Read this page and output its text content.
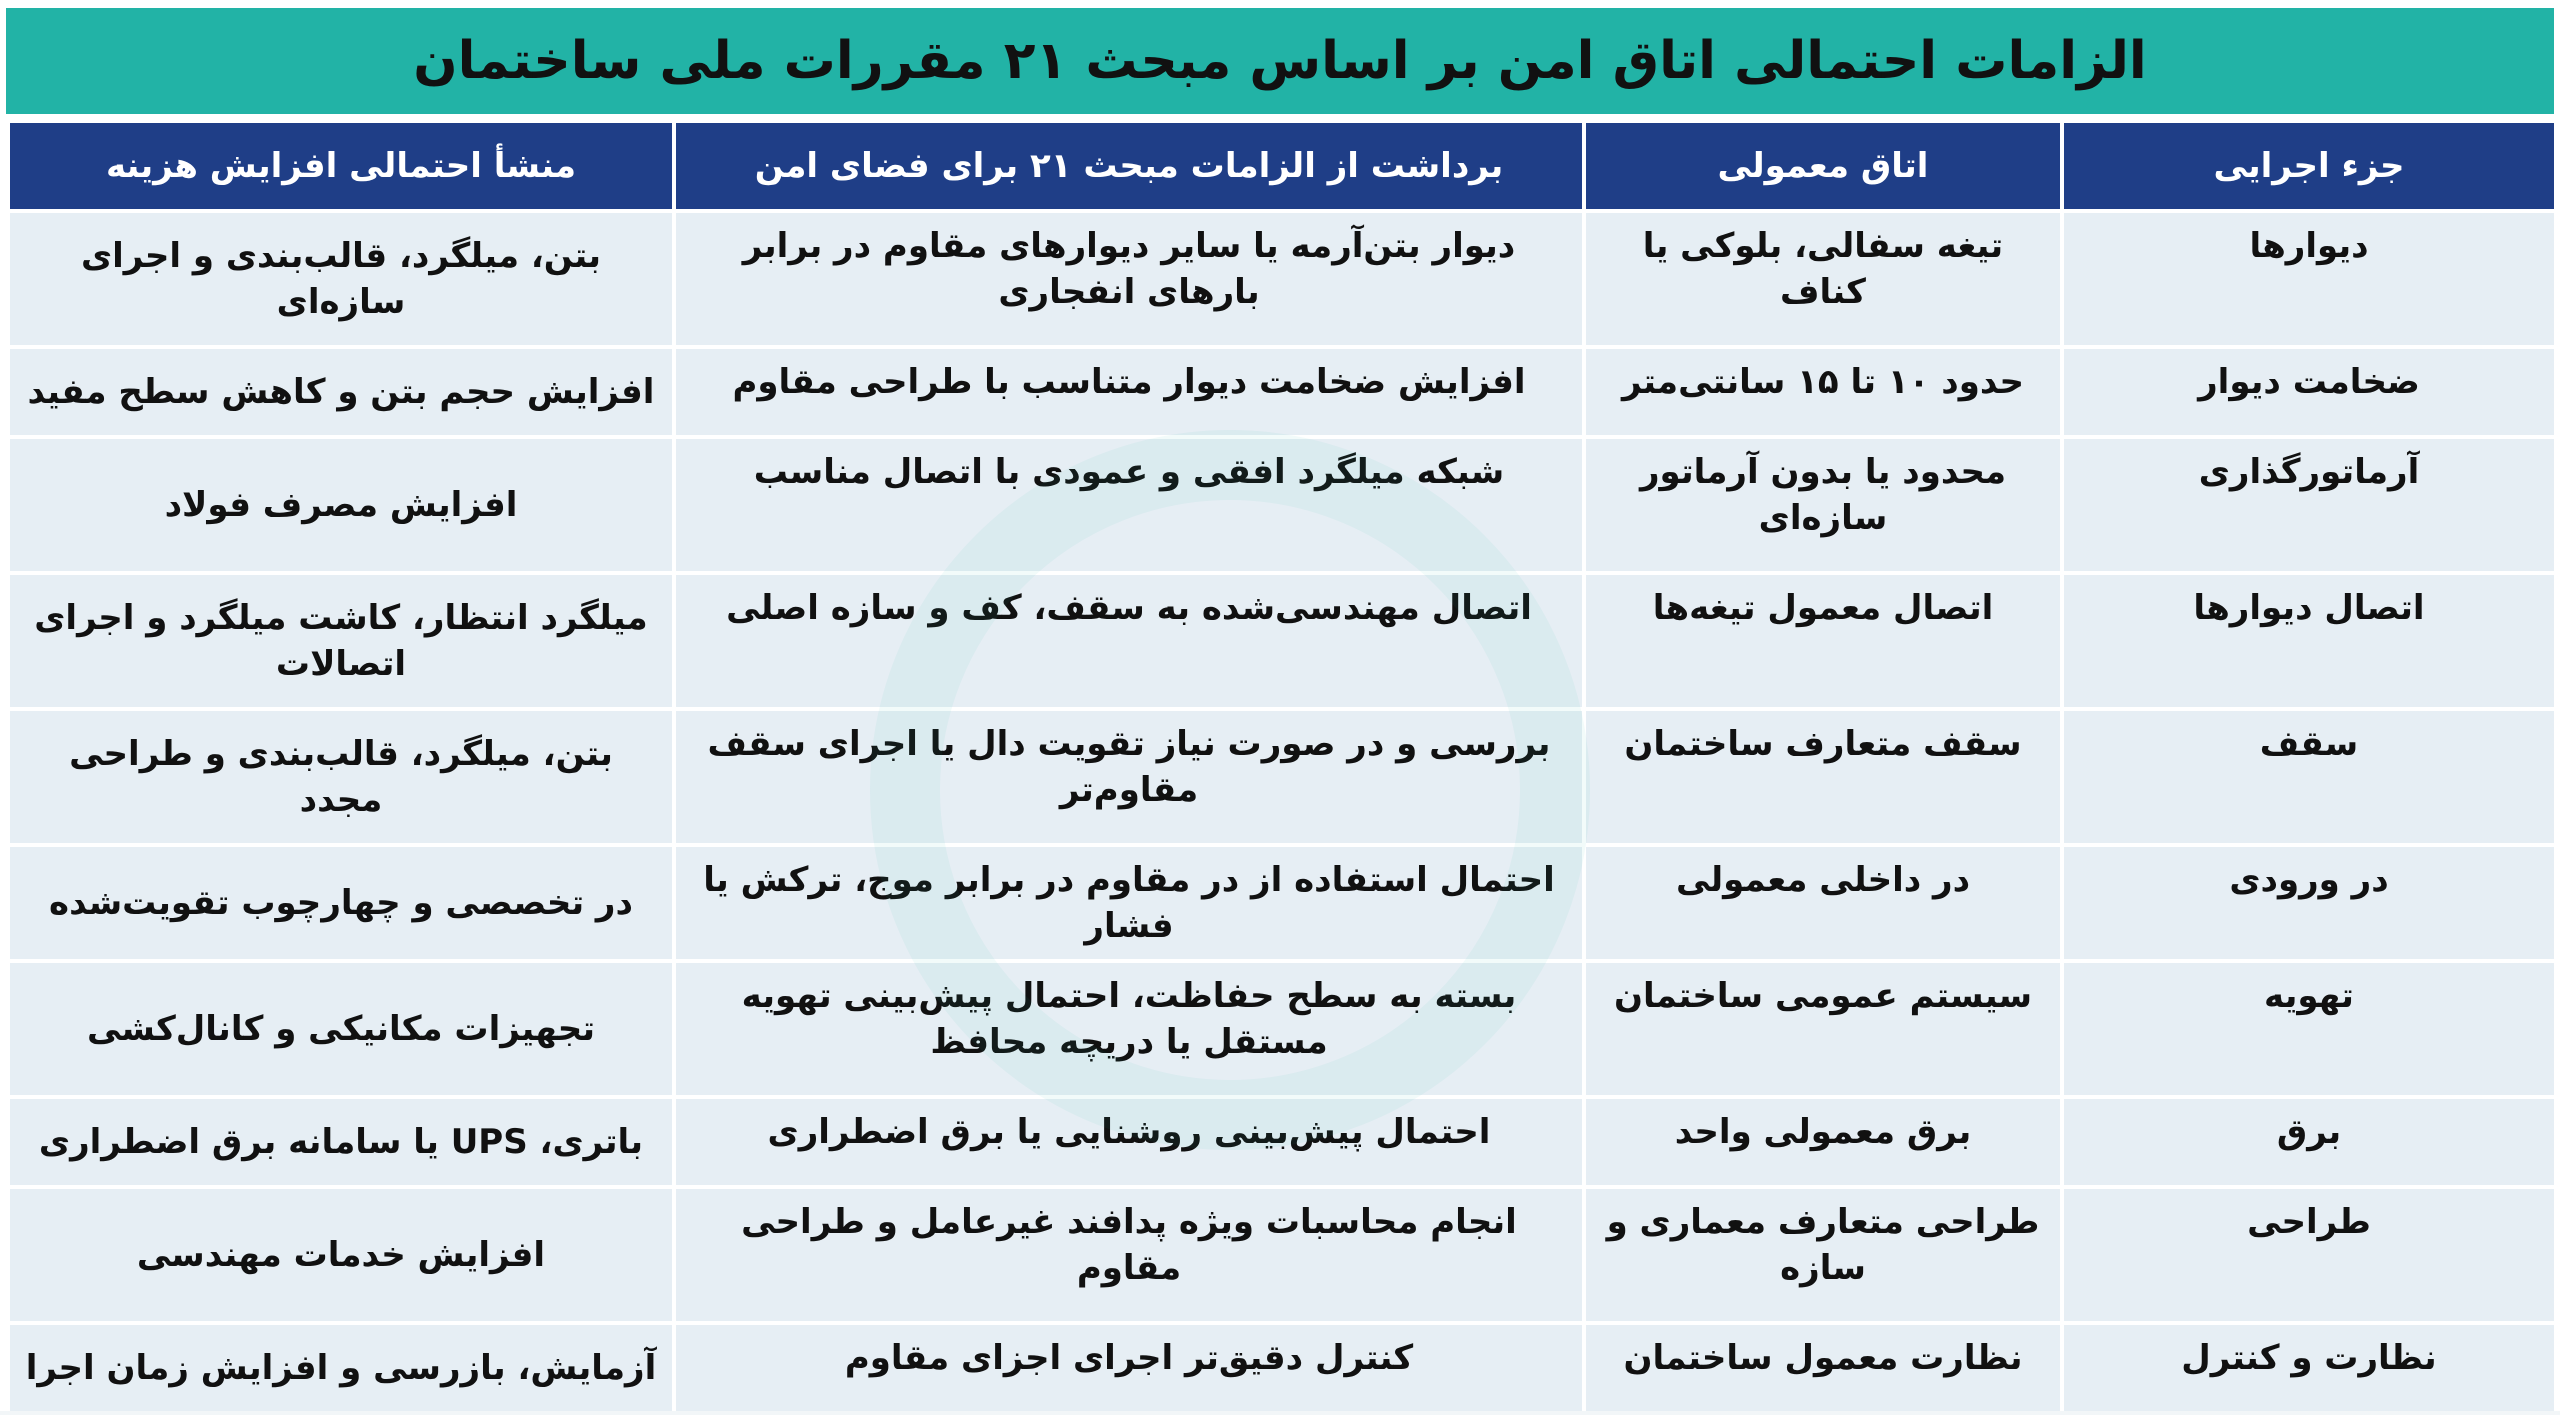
الزامات احتمالی اتاق امن بر اساس مبحث ۲۱ مقررات ملی ساختمان
جزء اجرایی	اتاق معمولی	برداشت از الزامات مبحث ۲۱ برای فضای امن	منشأ احتمالی افزایش هزینه
دیوارها	تیغه سفالی، بلوکی یا کناف	دیوار بتن‌آرمه یا سایر دیوارهای مقاوم در برابر بارهای انفجاری	بتن، میلگرد، قالب‌بندی و اجرای سازه‌ای
ضخامت دیوار	حدود ۱۰ تا ۱۵ سانتی‌متر	افزایش ضخامت دیوار متناسب با طراحی مقاوم	افزایش حجم بتن و کاهش سطح مفید
آرماتورگذاری	محدود یا بدون آرماتور سازه‌ای	شبکه میلگرد افقی و عمودی با اتصال مناسب	افزایش مصرف فولاد
اتصال دیوارها	اتصال معمول تیغه‌ها	اتصال مهندسی‌شده به سقف، کف و سازه اصلی	میلگرد انتظار، کاشت میلگرد و اجرای اتصالات
سقف	سقف متعارف ساختمان	بررسی و در صورت نیاز تقویت دال یا اجرای سقف مقاوم‌تر	بتن، میلگرد، قالب‌بندی و طراحی مجدد
در ورودی	در داخلی معمولی	احتمال استفاده از در مقاوم در برابر موج، ترکش یا فشار	در تخصصی و چهارچوب تقویت‌شده
تهویه	سیستم عمومی ساختمان	بسته به سطح حفاظت، احتمال پیش‌بینی تهویه مستقل یا دریچه محافظ	تجهیزات مکانیکی و کانال‌کشی
برق	برق معمولی واحد	احتمال پیش‌بینی روشنایی یا برق اضطراری	باتری، UPS یا سامانه برق اضطراری
طراحی	طراحی متعارف معماری و سازه	انجام محاسبات ویژه پدافند غیرعامل و طراحی مقاوم	افزایش خدمات مهندسی
نظارت و کنترل	نظارت معمول ساختمان	کنترل دقیق‌تر اجرای اجزای مقاوم	آزمایش، بازرسی و افزایش زمان اجرا
